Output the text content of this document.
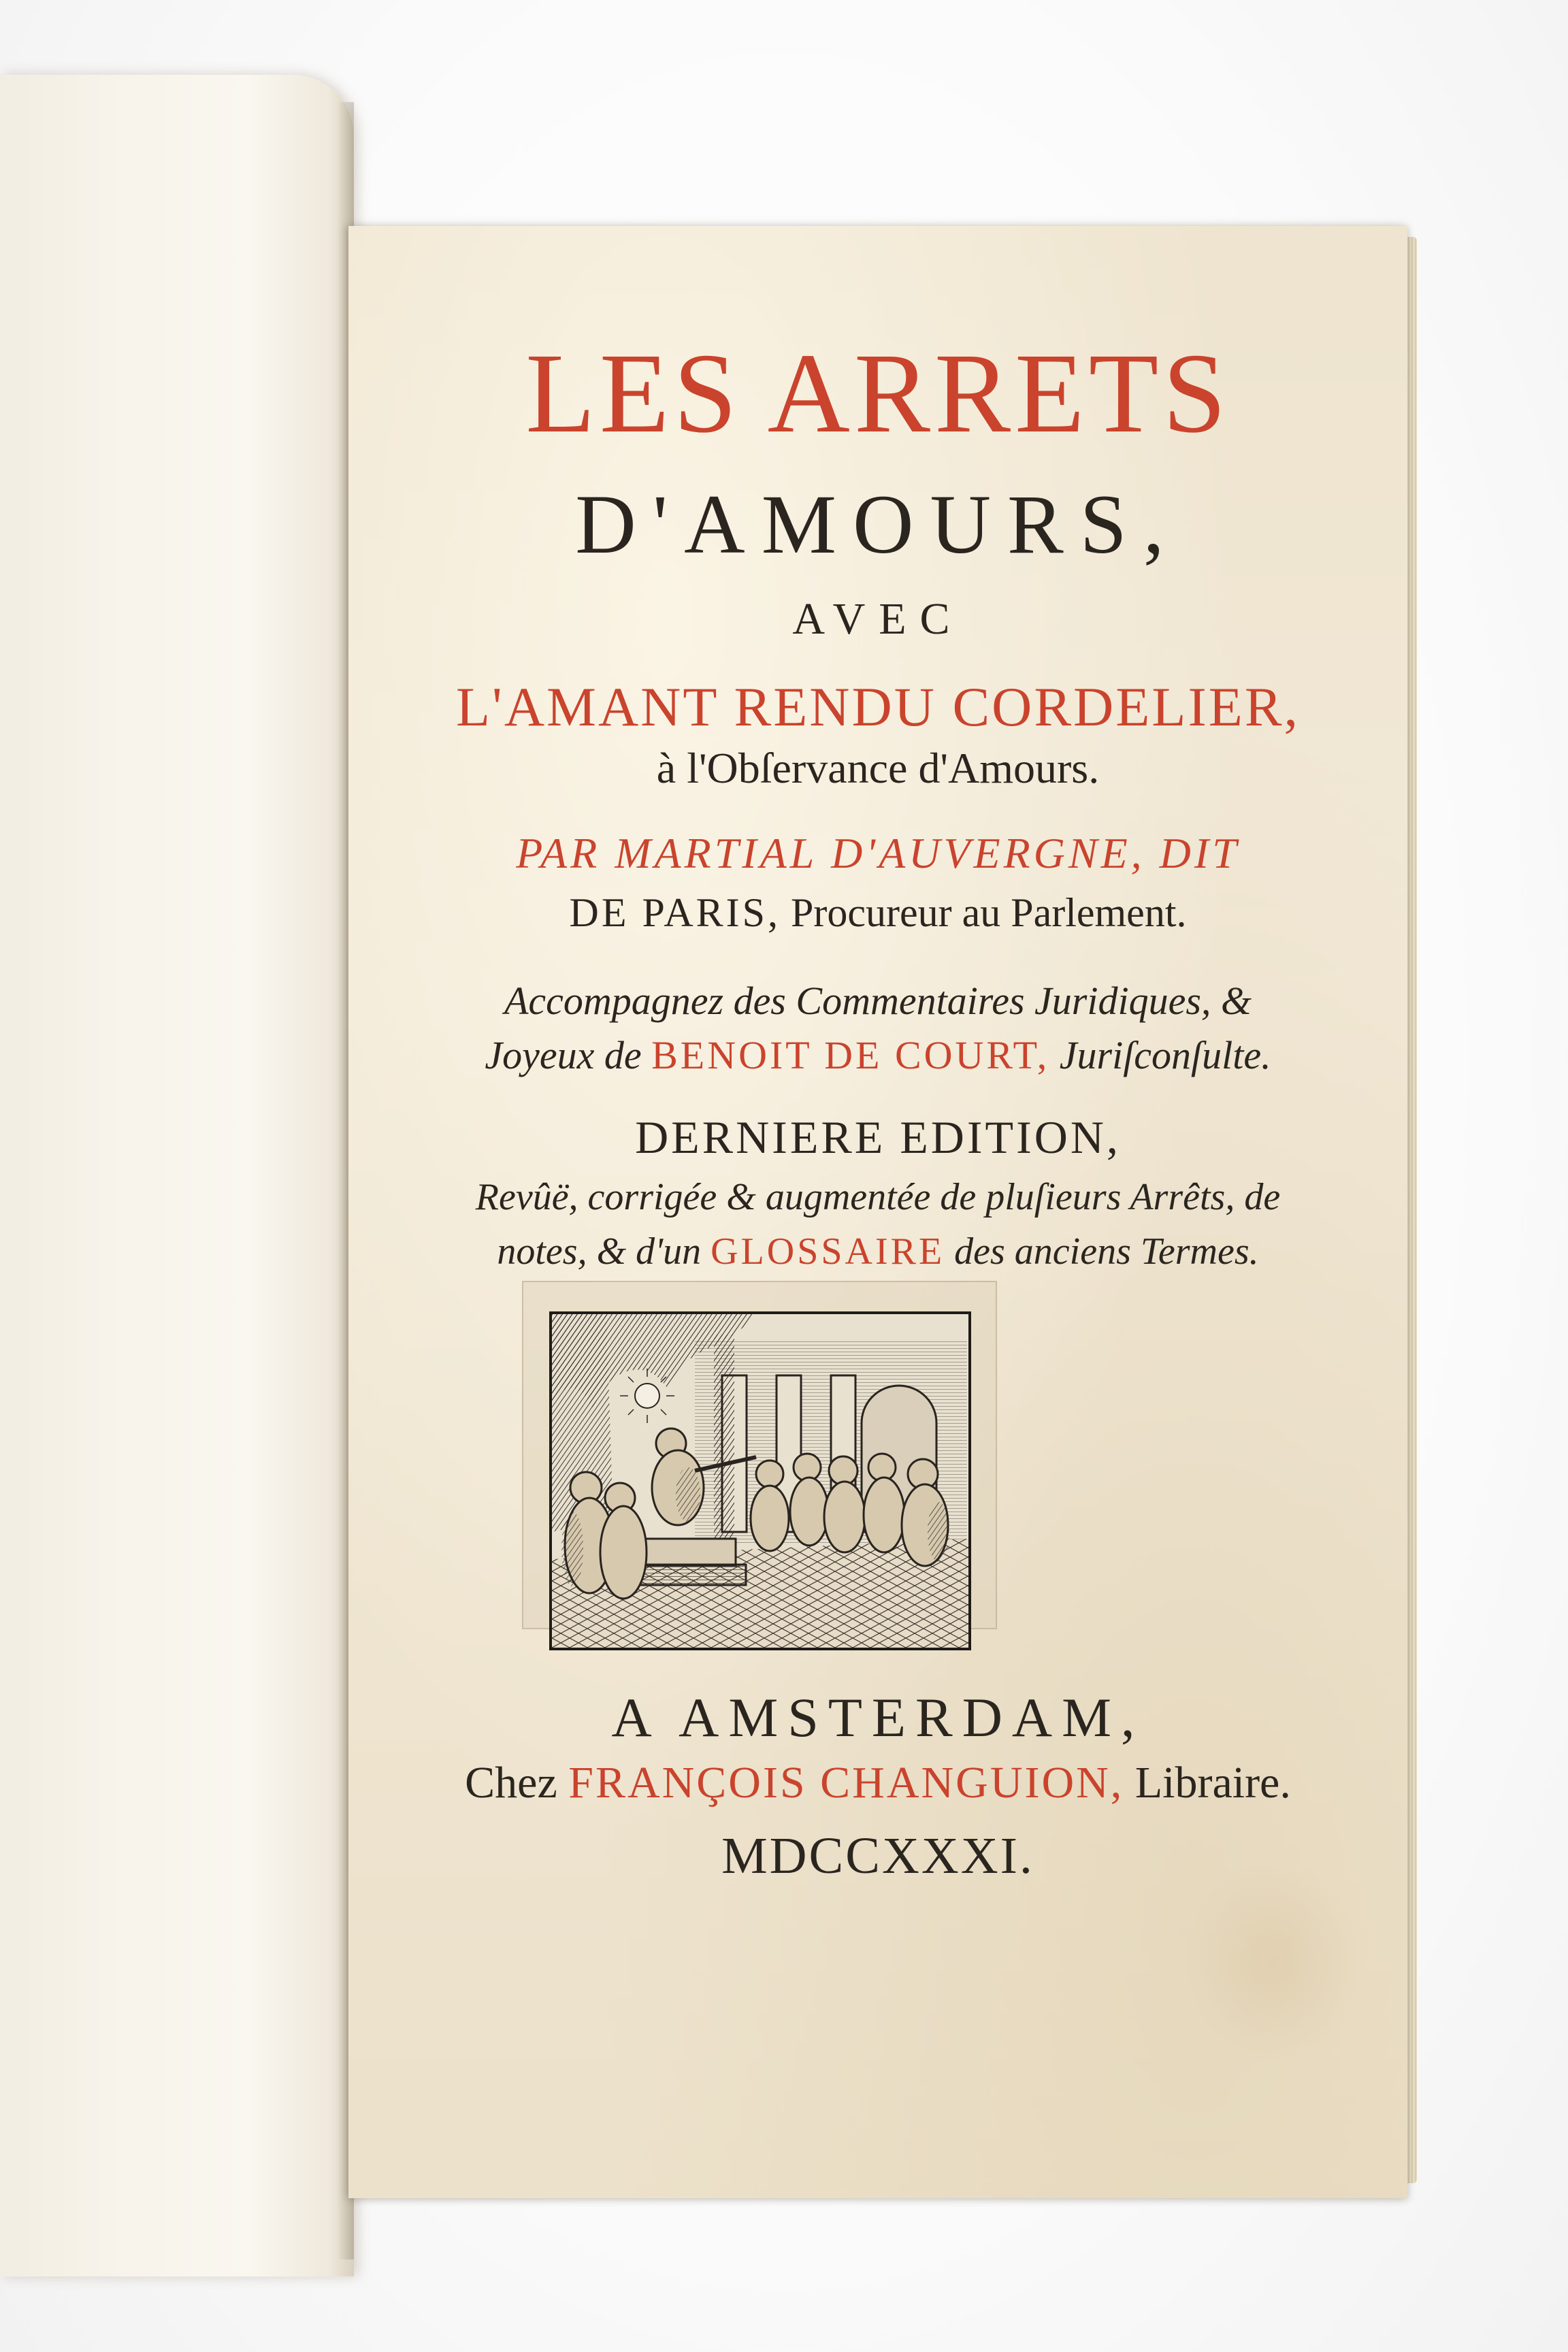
LES ARRETS
D'AMOURS,
AVEC
L'AMANT RENDU CORDELIER,
à l'Obſervance d'Amours.
PAR MARTIAL D'AUVERGNE, DIT
DE PARIS, Procureur au Parlement.
Accompagnez des Commentaires Juridiques, &
Joyeux de BENOIT DE COURT, Juriſconſulte.
DERNIERE EDITION,
Revûë, corrigée & augmentée de pluſieurs Arrêts, de
notes, & d'un GLOSSAIRE des anciens Termes.
A AMSTERDAM,
Chez FRANÇOIS CHANGUION, Libraire.
MDCCXXXI.
